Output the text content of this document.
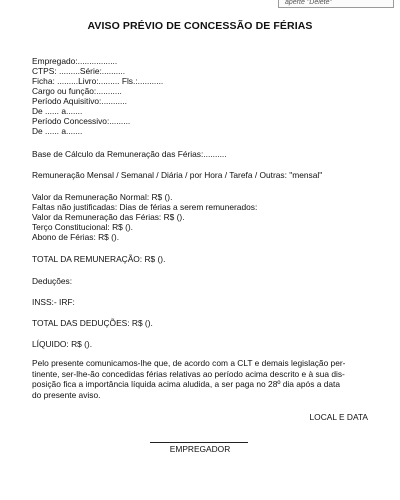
aperte "Delete"
AVISO PRÉVIO DE CONCESSÃO DE FÉRIAS
Empregado:.................
CTPS: .........Série:..........
Ficha: .........Livro:......... Fls.:...........
Cargo ou função:...........
Período Aquisitivo:...........
De ...... a.......
Período Concessivo:.........
De ...... a.......
Base de Cálculo da Remuneração das Férias:..........
Remuneração Mensal / Semanal / Diária / por Hora / Tarefa / Outras: "mensal"
Valor da Remuneração Normal: R$ ().
Faltas não justificadas: Dias de férias a serem remunerados:
Valor da Remuneração das Férias: R$ ().
Terço Constitucional: R$ ().
Abono de Férias: R$ ().
TOTAL DA REMUNERAÇÃO: R$ ().
Deduções:
INSS:- IRF:
TOTAL DAS DEDUÇÕES: R$ ().
LÍQUIDO: R$ ().
Pelo presente comunicamos-lhe que, de acordo com a CLT e demais legislação per-
tinente, ser-lhe-ão concedidas férias relativas ao período acima descrito e à sua dis-
posição fica a importância líquida acima aludida, a ser paga no 28º dia após a data
do presente aviso.
LOCAL E DATA
EMPREGADOR
